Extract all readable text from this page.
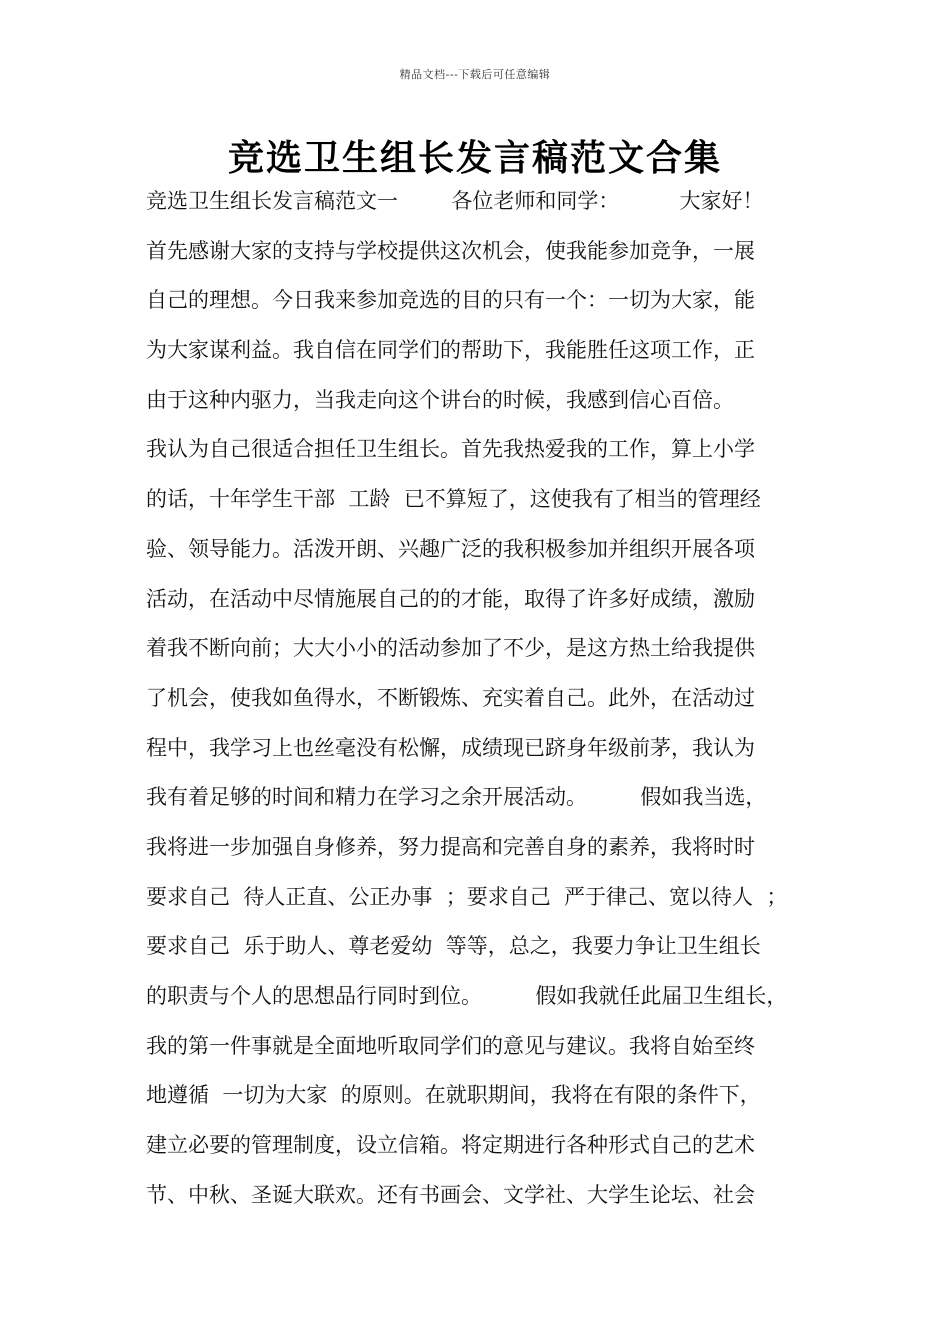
精品文档---下载后可任意编辑
竞选卫生组长发言稿范文合集
竞选卫生组长发言稿范文一        各位老师和同学：         大家好！
首先感谢大家的支持与学校提供这次机会，使我能参加竞争，一展
自己的理想。今日我来参加竞选的目的只有一个：一切为大家，能
为大家谋利益。我自信在同学们的帮助下，我能胜任这项工作，正
由于这种内驱力，当我走向这个讲台的时候，我感到信心百倍。
我认为自己很适合担任卫生组长。首先我热爱我的工作，算上小学
的话，十年学生干部  工龄  已不算短了，这使我有了相当的管理经
验、领导能力。活泼开朗、兴趣广泛的我积极参加并组织开展各项
活动，在活动中尽情施展自己的的才能，取得了许多好成绩，激励
着我不断向前；大大小小的活动参加了不少，是这方热土给我提供
了机会，使我如鱼得水，不断锻炼、充实着自己。此外，在活动过
程中，我学习上也丝毫没有松懈，成绩现已跻身年级前茅，我认为
我有着足够的时间和精力在学习之余开展活动。        假如我当选，
我将进一步加强自身修养，努力提高和完善自身的素养，我将时时
要求自己  待人正直、公正办事  ；要求自己  严于律己、宽以待人  ；
要求自己  乐于助人、尊老爱幼  等等，总之，我要力争让卫生组长
的职责与个人的思想品行同时到位。        假如我就任此届卫生组长，
我的第一件事就是全面地听取同学们的意见与建议。我将自始至终
地遵循  一切为大家  的原则。在就职期间，我将在有限的条件下，
建立必要的管理制度，设立信箱。将定期进行各种形式自己的艺术
节、中秋、圣诞大联欢。还有书画会、文学社、大学生论坛、社会
